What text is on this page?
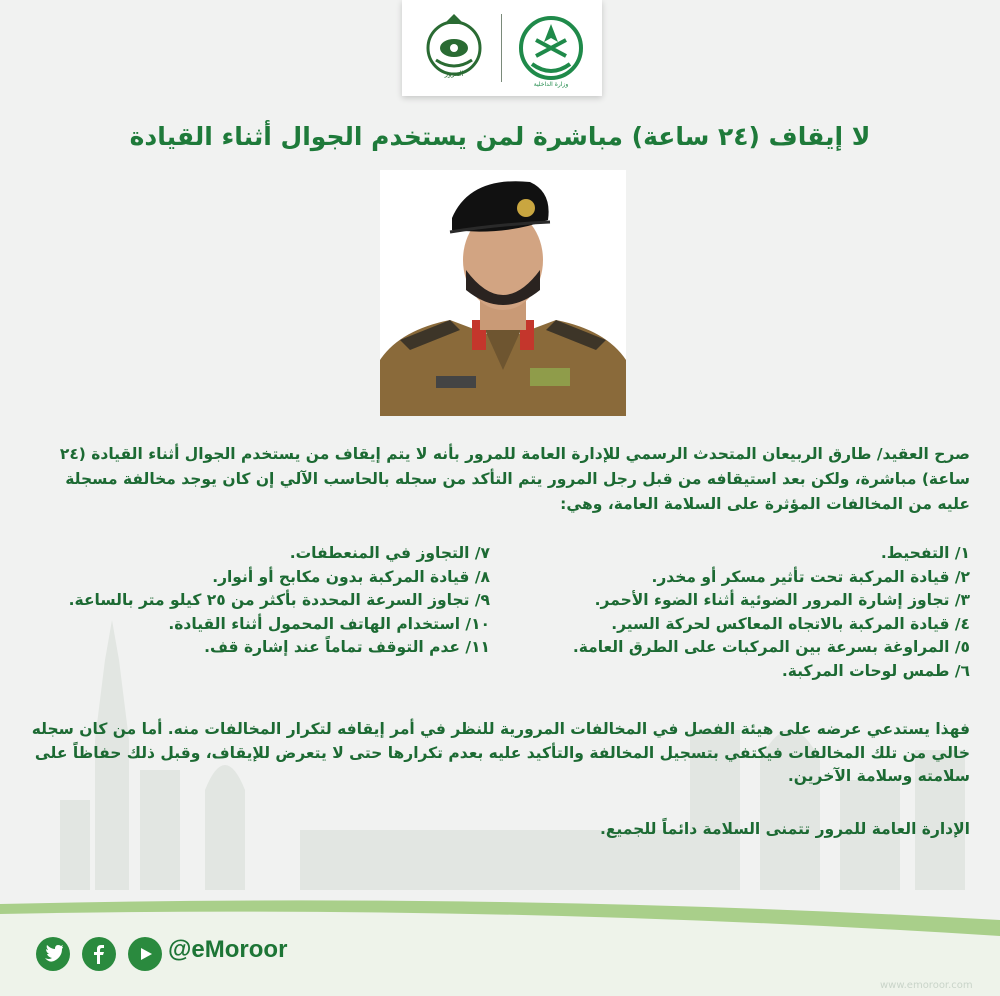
المرور
وزارة الداخلية
لا إيقاف (٢٤ ساعة) مباشرة لمن يستخدم الجوال أثناء القيادة

صرح العقيد/ طارق الربيعان المتحدث الرسمي للإدارة العامة للمرور بأنه لا يتم إيقاف من يستخدم الجوال أثناء القيادة (٢٤ ساعة) مباشرة، ولكن بعد استيقافه من قبل رجل المرور يتم التأكد من سجله بالحاسب الآلي إن كان يوجد مخالفة مسجلة عليه من المخالفات المؤثرة على السلامة العامة، وهي:

١/ التفحيط.
٢/ قيادة المركبة تحت تأثير مسكر أو مخدر.
٣/ تجاوز إشارة المرور الضوئية أثناء الضوء الأحمر.
٤/ قيادة المركبة بالاتجاه المعاكس لحركة السير.
٥/ المراوغة بسرعة بين المركبات على الطرق العامة.
٦/ طمس لوحات المركبة.
٧/ التجاوز في المنعطفات.
٨/ قيادة المركبة بدون مكابح أو أنوار.
٩/ تجاوز السرعة المحددة بأكثر من ٢٥ كيلو متر بالساعة.
١٠/ استخدام الهاتف المحمول أثناء القيادة.
١١/ عدم التوقف تماماً عند إشارة قف.

فهذا يستدعي عرضه على هيئة الفصل في المخالفات المرورية للنظر في أمر إيقافه لتكرار المخالفات منه. أما من كان سجله خالي من تلك المخالفات فيكتفي بتسجيل المخالفة والتأكيد عليه بعدم تكرارها حتى لا يتعرض للإيقاف، وقبل ذلك حفاظاً على سلامته وسلامة الآخرين.

الإدارة العامة للمرور تتمنى السلامة دائماً للجميع.

@eMoroor

www.emoroor.com
